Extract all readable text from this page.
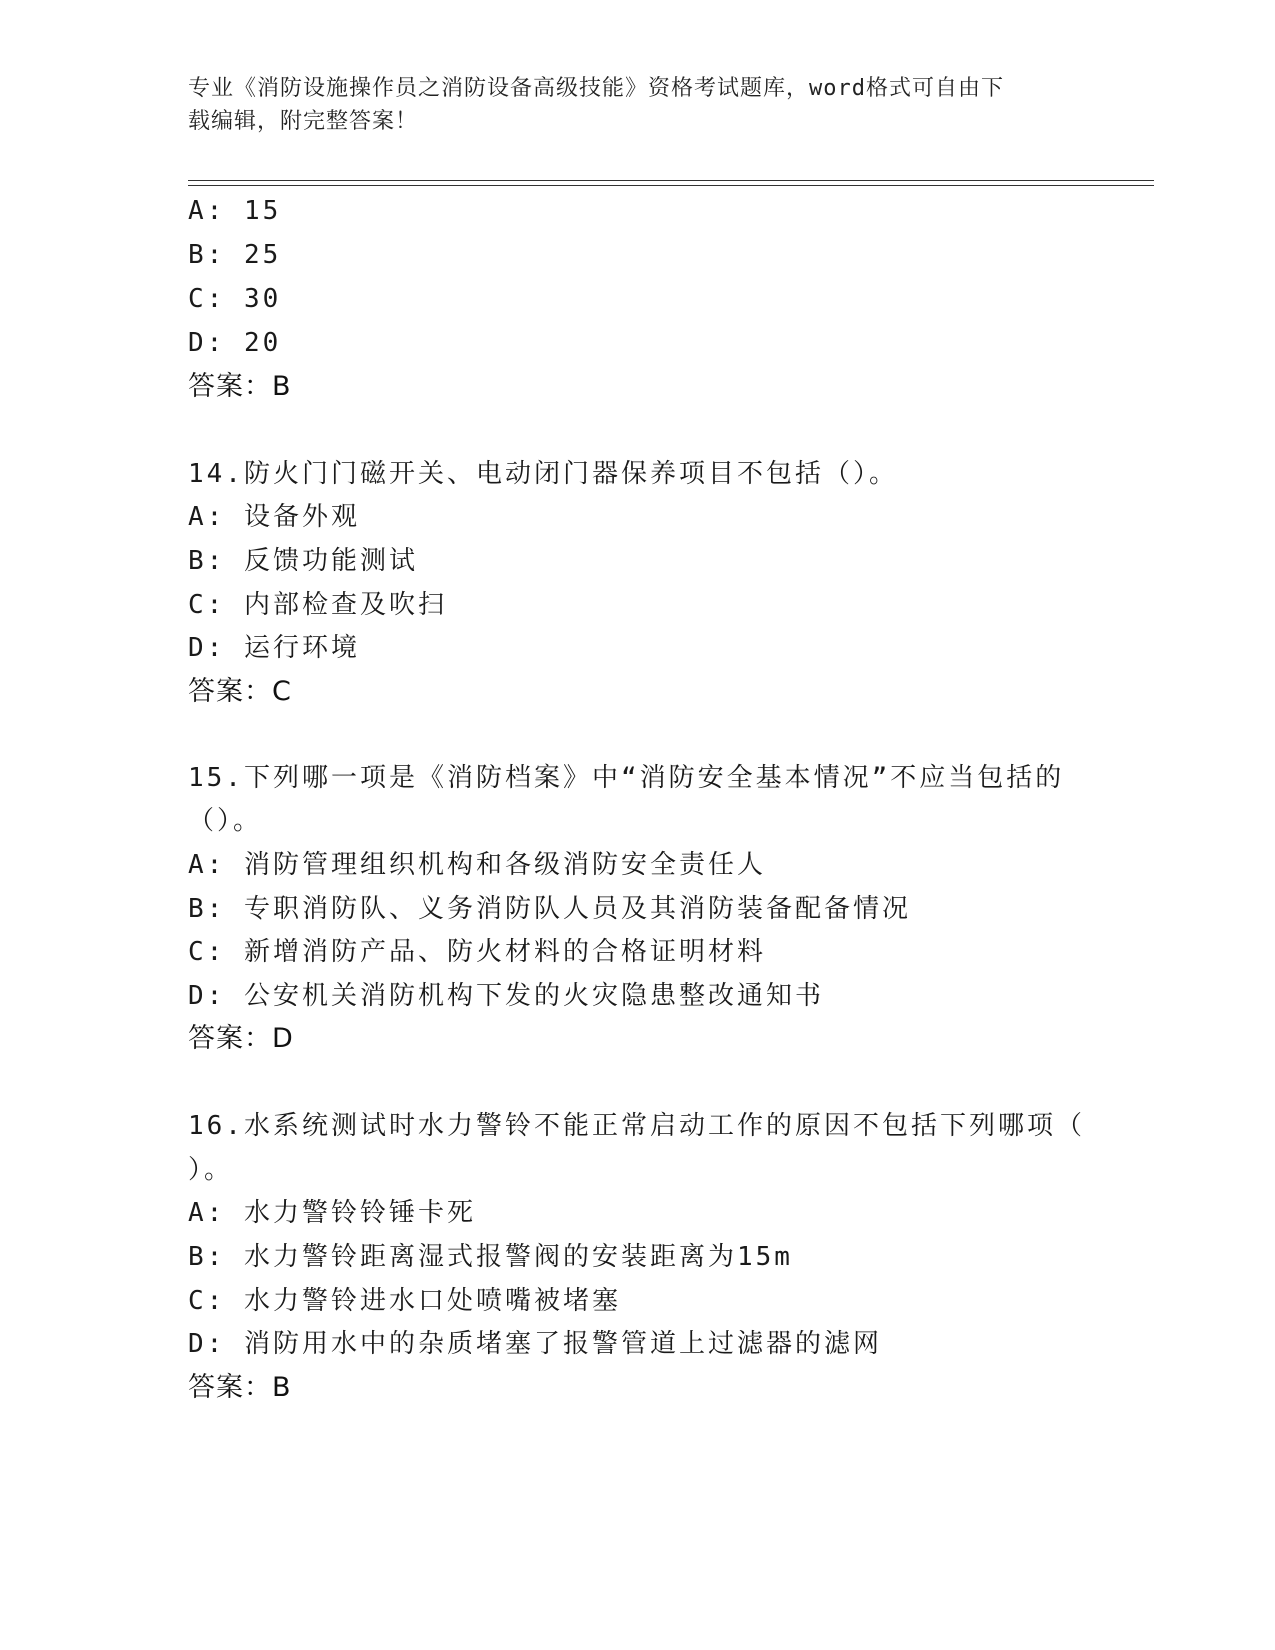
专业《消防设施操作员之消防设备高级技能》资格考试题库，word格式可自由下
载编辑，附完整答案！
A: 15
B: 25
C: 30
D: 20
答案：B
14.防火门门磁开关、电动闭门器保养项目不包括（）。
A: 设备外观
B: 反馈功能测试
C: 内部检查及吹扫
D: 运行环境
答案：C
15.下列哪一项是《消防档案》中“消防安全基本情况”不应当包括的
（）。
A: 消防管理组织机构和各级消防安全责任人
B: 专职消防队、义务消防队人员及其消防装备配备情况
C: 新增消防产品、防火材料的合格证明材料
D: 公安机关消防机构下发的火灾隐患整改通知书
答案：D
16.水系统测试时水力警铃不能正常启动工作的原因不包括下列哪项（
）。
A: 水力警铃铃锤卡死
B: 水力警铃距离湿式报警阀的安装距离为15m
C: 水力警铃进水口处喷嘴被堵塞
D: 消防用水中的杂质堵塞了报警管道上过滤器的滤网
答案：B
